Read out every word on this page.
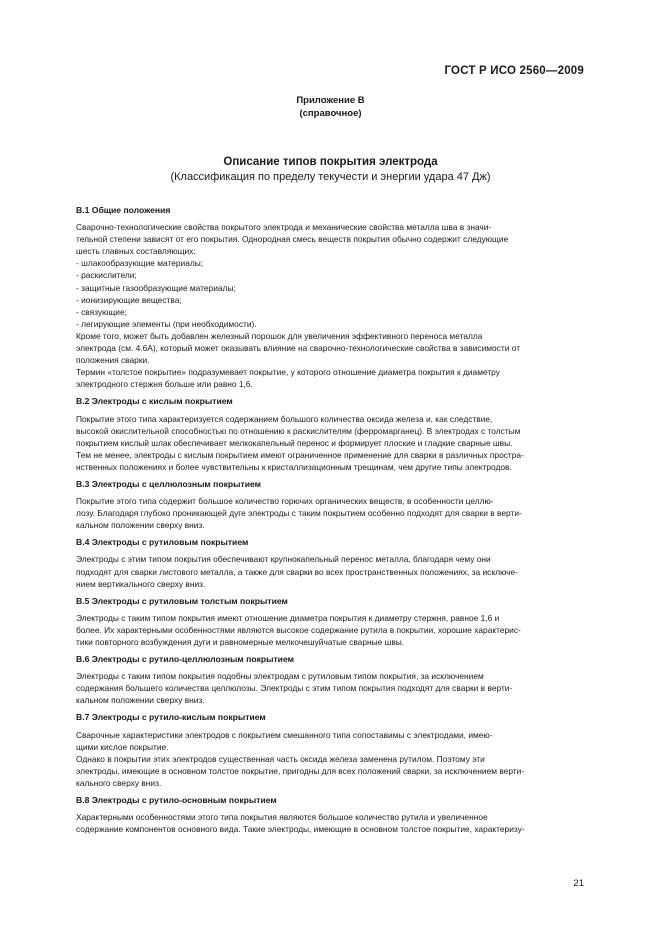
ГОСТ Р ИСО 2560—2009
Приложение В
(справочное)
Описание типов покрытия электрода
(Классификация по пределу текучести и энергии удара 47 Дж)
В.1 Общие положения
Сварочно-технологические свойства покрытого электрода и механические свойства металла шва в значи-
тельной степени зависят от его покрытия. Однородная смесь веществ покрытия обычно содержит следующие
шесть главных составляющих:
- шлакообразующие материалы;
- раскислители;
- защитные газообразующие материалы;
- ионизирующие вещества;
- связующие;
- легирующие элементы (при необходимости).
Кроме того, может быть добавлен железный порошок для увеличения эффективного переноса металла
электрода (см. 4.6А), который может оказывать влияние на сварочно-технологические свойства в зависимости от
положения сварки.
Термин «толстое покрытие» подразумевает покрытие, у которого отношение диаметра покрытия к диаметру
электродного стержня больше или равно 1,6.
В.2 Электроды с кислым покрытием
Покрытие этого типа характеризуется содержанием большого количества оксида железа и, как следствие,
высокой окислительной способностью по отношению к раскислителям (ферромарганец). В электродах с толстым
покрытием кислый шлак обеспечивает мелкокапельный перенос и формирует плоские и гладкие сварные швы.
Тем не менее, электроды с кислым покрытием имеют ограниченное применение для сварки в различных простра-
нственных положениях и более чувствительны к кристаллизационным трещинам, чем другие типы электродов.
В.3 Электроды с целлюлозным покрытием
Покрытие этого типа содержит большое количество горючих органических веществ, в особенности целлю-
лозу. Благодаря глубоко проникающей дуге электроды с таким покрытием особенно подходят для сварки в верти-
кальном положении сверху вниз.
В.4 Электроды с рутиловым покрытием
Электроды с этим типом покрытия обеспечивают крупнокапельный перенос металла, благодаря чему они
подходят для сварки листового металла, а также для сварки во всех пространственных положениях, за исключе-
нием вертикального сверху вниз.
В.5 Электроды с рутиловым толстым покрытием
Электроды с таким типом покрытия имеют отношение диаметра покрытия к диаметру стержня, равное 1,6 и
более. Их характерными особенностями являются высокое содержание рутила в покрытии, хорошие характерис-
тики повторного возбуждения дуги и равномерные мелкочешуйчатые сварные швы.
В.6 Электроды с рутило-целлюлозным покрытием
Электроды с таким типом покрытия подобны электродам с рутиловым типом покрытия, за исключением
содержания большего количества целлюлозы. Электроды с этим типом покрытия подходят для сварки в верти-
кальном положении сверху вниз.
В.7 Электроды с рутило-кислым покрытием
Сварочные характеристики электродов с покрытием смешанного типа сопоставимы с электродами, имею-
щими кислое покрытие.
Однако в покрытии этих электродов существенная часть оксида железа заменена рутилом. Поэтому эти
электроды, имеющие в основном толстое покрытие, пригодны для всех положений сварки, за исключением верти-
кального сверху вниз.
В.8 Электроды с рутило-основным покрытием
Характерными особенностями этого типа покрытия являются большое количество рутила и увеличенное
содержание компонентов основного вида. Такие электроды, имеющие в основном толстое покрытие, характеризу-
21
